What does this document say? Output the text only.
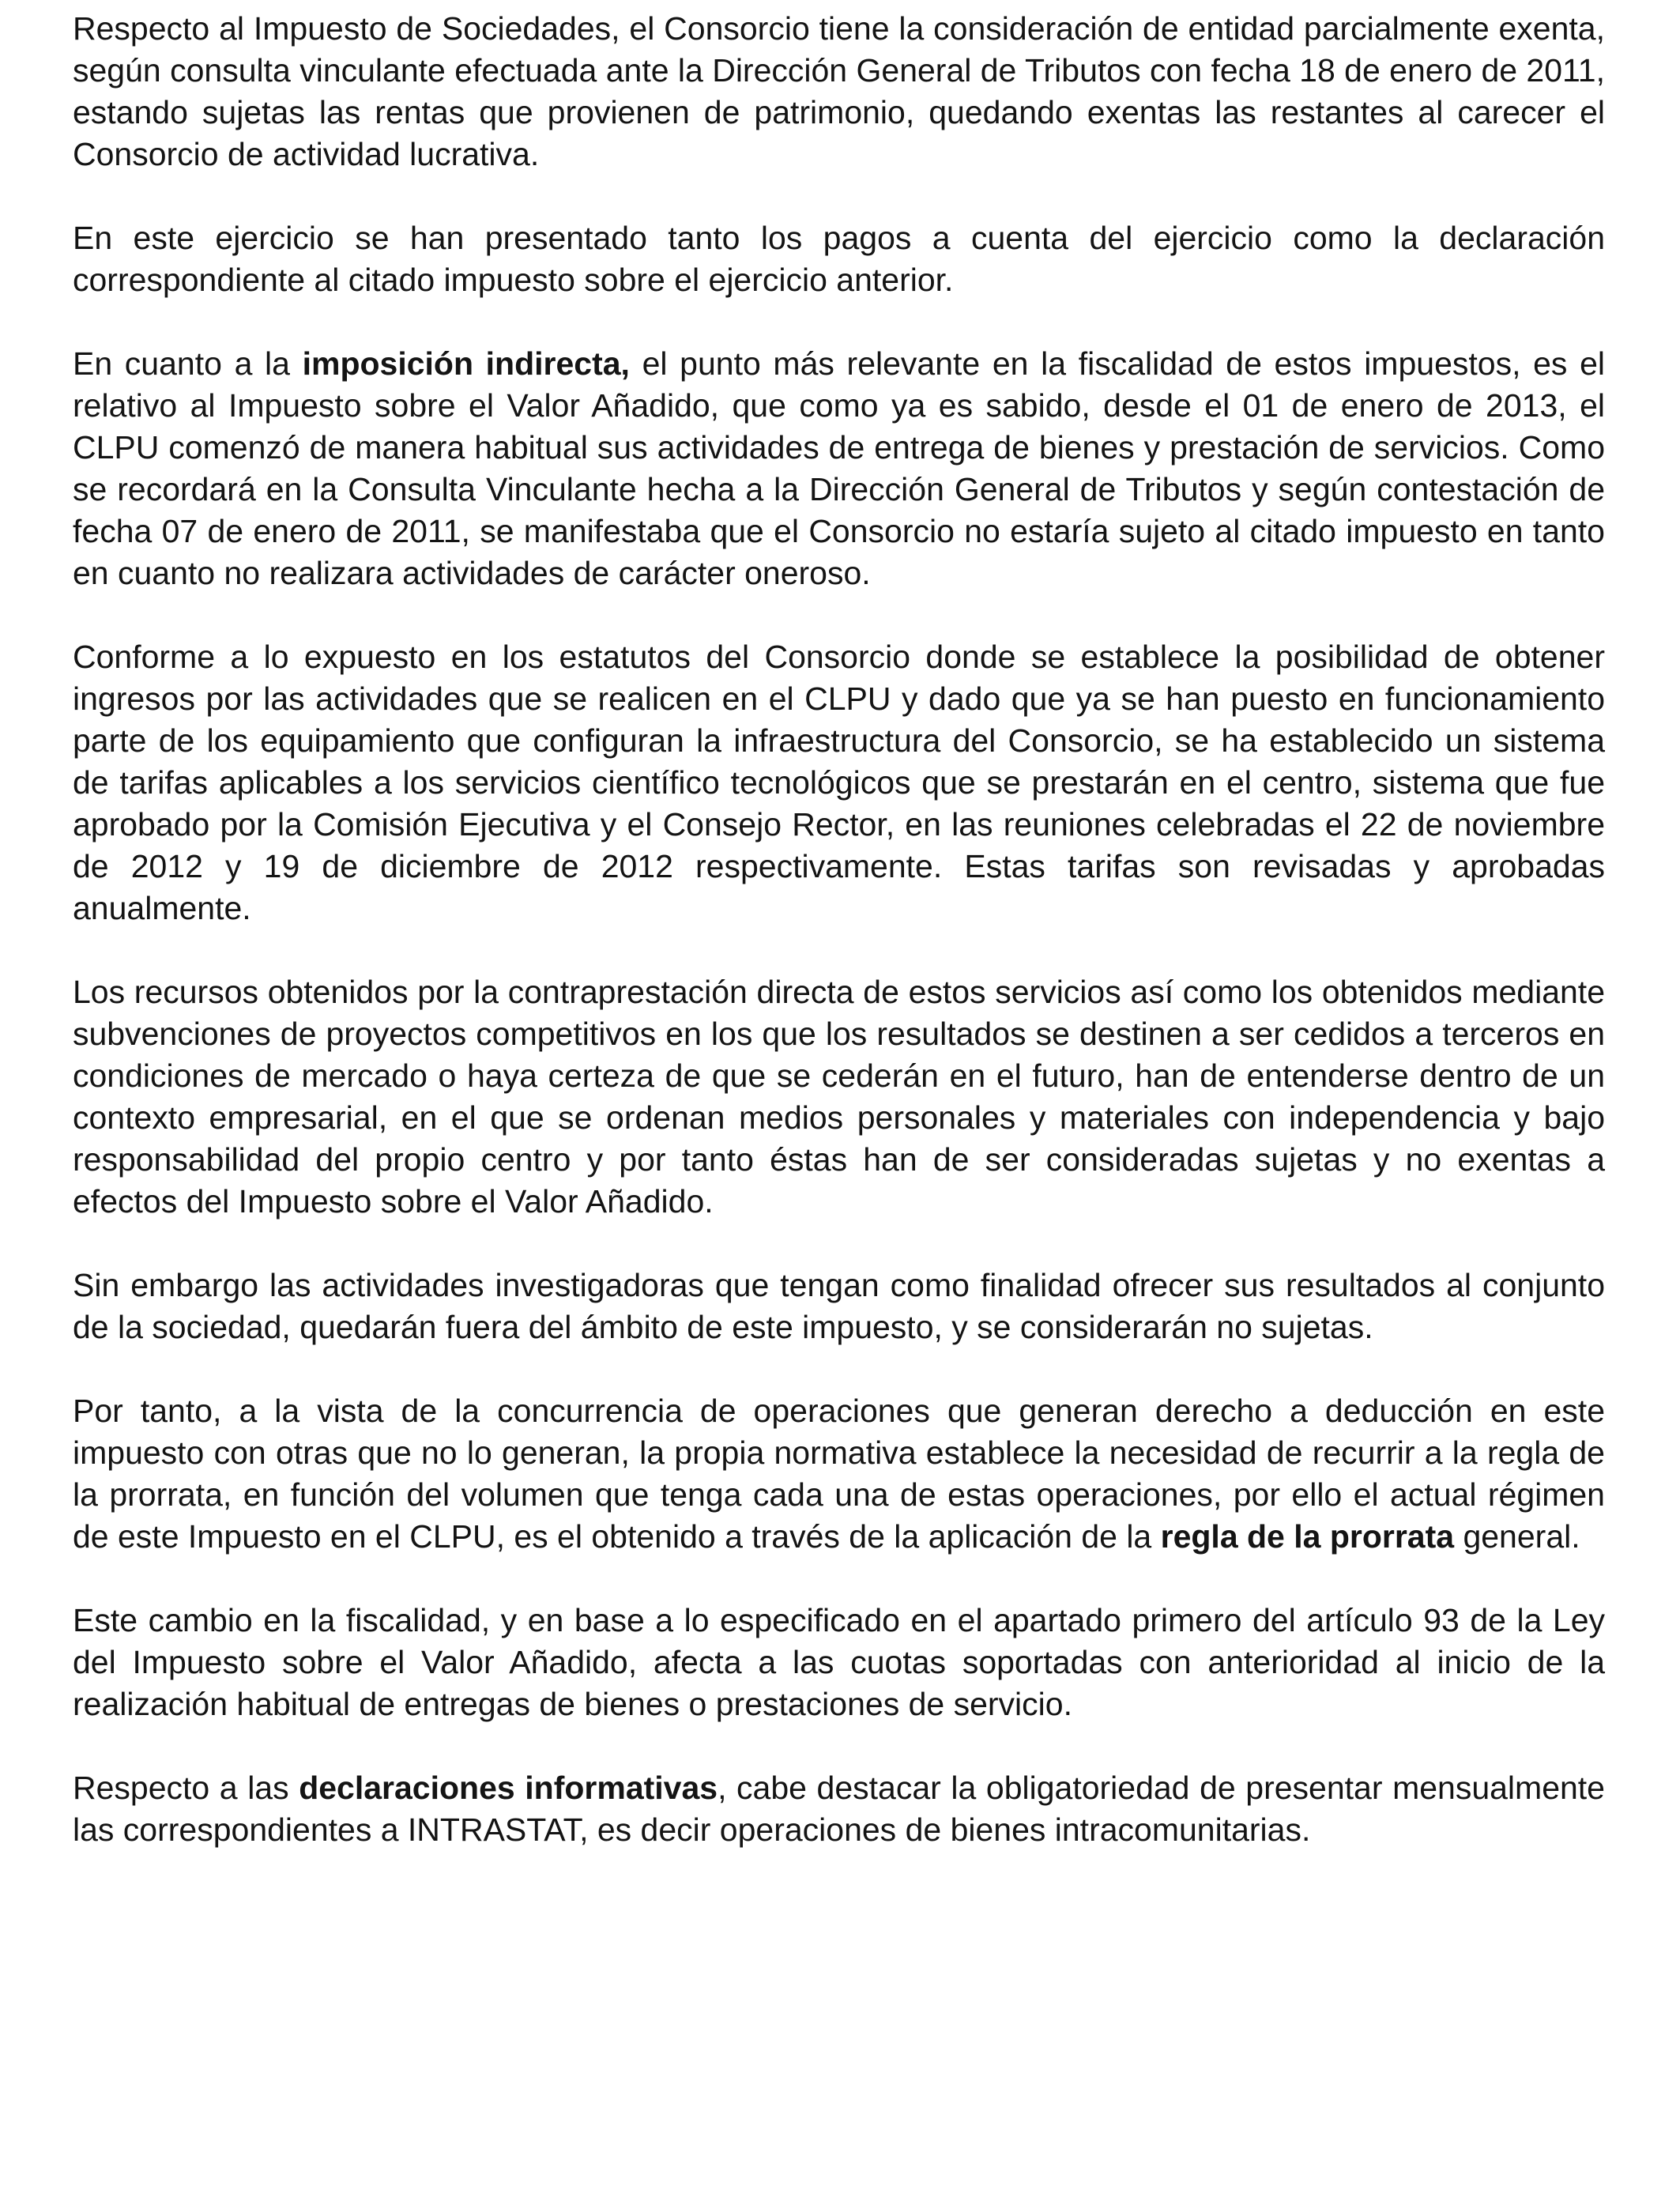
Respecto al Impuesto de Sociedades, el Consorcio tiene la consideración de entidad parcialmente exenta, según consulta vinculante efectuada ante la Dirección General de Tributos con fecha 18 de enero de 2011, estando sujetas las rentas que provienen de patrimonio, quedando exentas las restantes al carecer el Consorcio de actividad lucrativa.

En este ejercicio se han presentado tanto los pagos a cuenta del ejercicio como la declaración correspondiente al citado impuesto sobre el ejercicio anterior.

En cuanto a la imposición indirecta, el punto más relevante en la fiscalidad de estos impuestos, es el relativo al Impuesto sobre el Valor Añadido, que como ya es sabido, desde el 01 de enero de 2013, el CLPU comenzó de manera habitual sus actividades de entrega de bienes y prestación de servicios. Como se recordará en la Consulta Vinculante hecha a la Dirección General de Tributos y según contestación de fecha 07 de enero de 2011, se manifestaba que el Consorcio no estaría sujeto al citado impuesto en tanto en cuanto no realizara actividades de carácter oneroso.

Conforme a lo expuesto en los estatutos del Consorcio donde se establece la posibilidad de obtener ingresos por las actividades que se realicen en el CLPU y dado que ya se han puesto en funcionamiento parte de los equipamiento que configuran la infraestructura del Consorcio, se ha establecido un sistema de tarifas aplicables a los servicios científico tecnológicos que se prestarán en el centro, sistema que fue aprobado por la Comisión Ejecutiva y el Consejo Rector, en las reuniones celebradas el 22 de noviembre de 2012 y 19 de diciembre de 2012 respectivamente. Estas tarifas son revisadas y aprobadas anualmente.

Los recursos obtenidos por la contraprestación directa de estos servicios así como los obtenidos mediante subvenciones de proyectos competitivos en los que los resultados se destinen a ser cedidos a terceros en condiciones de mercado o haya certeza de que se cederán en el futuro, han de entenderse dentro de un contexto empresarial, en el que se ordenan medios personales y materiales con independencia y bajo responsabilidad del propio centro y por tanto éstas han de ser consideradas sujetas y no exentas a efectos del Impuesto sobre el Valor Añadido.

Sin embargo las actividades investigadoras que tengan como finalidad ofrecer sus resultados al conjunto de la sociedad, quedarán fuera del ámbito de este impuesto, y se considerarán no sujetas.

Por tanto, a la vista de la concurrencia de operaciones que generan derecho a deducción en este impuesto con otras que no lo generan, la propia normativa establece la necesidad de recurrir a la regla de la prorrata, en función del volumen que tenga cada una de estas operaciones, por ello el actual régimen de este Impuesto en el CLPU, es el obtenido a través de la aplicación de la regla de la prorrata general.

Este cambio en la fiscalidad, y en base a lo especificado en el apartado primero del artículo 93 de la Ley del Impuesto sobre el Valor Añadido, afecta a las cuotas soportadas con anterioridad al inicio de la realización habitual de entregas de bienes o prestaciones de servicio.

Respecto a las declaraciones informativas, cabe destacar la obligatoriedad de presentar mensualmente las correspondientes a INTRASTAT, es decir operaciones de bienes intracomunitarias.
